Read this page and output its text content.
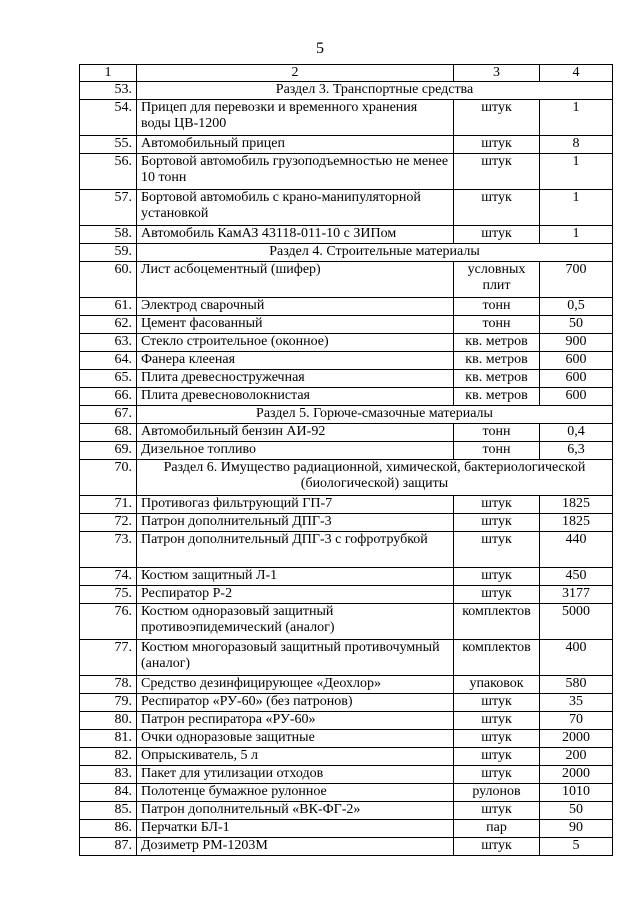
5
1	2	3	4
53.	Раздел 3. Транспортные средства		
54.	Прицеп для перевозки и временного хранения воды ЦВ-1200	штук	1
55.	Автомобильный прицеп	штук	8
56.	Бортовой автомобиль грузоподъемностью не менее 10 тонн	штук	1
57.	Бортовой автомобиль с крано-манипуляторной установкой	штук	1
58.	Автомобиль КамАЗ 43118-011-10 с ЗИПом	штук	1
59.	Раздел 4. Строительные материалы		
60.	Лист асбоцементный (шифер)	условных плит	700
61.	Электрод сварочный	тонн	0,5
62.	Цемент фасованный	тонн	50
63.	Стекло строительное (оконное)	кв. метров	900
64.	Фанера клееная	кв. метров	600
65.	Плита древесностружечная	кв. метров	600
66.	Плита древесноволокнистая	кв. метров	600
67.	Раздел 5. Горюче-смазочные материалы		
68.	Автомобильный бензин АИ-92	тонн	0,4
69.	Дизельное топливо	тонн	6,3
70.	Раздел 6. Имущество радиационной, химической, бактериологической (биологической) защиты		
71.	Противогаз фильтрующий ГП-7	штук	1825
72.	Патрон дополнительный ДПГ-3	штук	1825
73.	Патрон дополнительный ДПГ-3 с гофротрубкой	штук	440
74.	Костюм защитный Л-1	штук	450
75.	Респиратор Р-2	штук	3177
76.	Костюм одноразовый защитный противоэпидемический (аналог)	комплектов	5000
77.	Костюм многоразовый защитный противочумный (аналог)	комплектов	400
78.	Средство дезинфицирующее «Деохлор»	упаковок	580
79.	Респиратор «РУ-60» (без патронов)	штук	35
80.	Патрон респиратора «РУ-60»	штук	70
81.	Очки одноразовые защитные	штук	2000
82.	Опрыскиватель, 5 л	штук	200
83.	Пакет для утилизации отходов	штук	2000
84.	Полотенце бумажное рулонное	рулонов	1010
85.	Патрон дополнительный «ВК-ФГ-2»	штук	50
86.	Перчатки БЛ-1	пар	90
87.	Дозиметр РМ-1203М	штук	5
